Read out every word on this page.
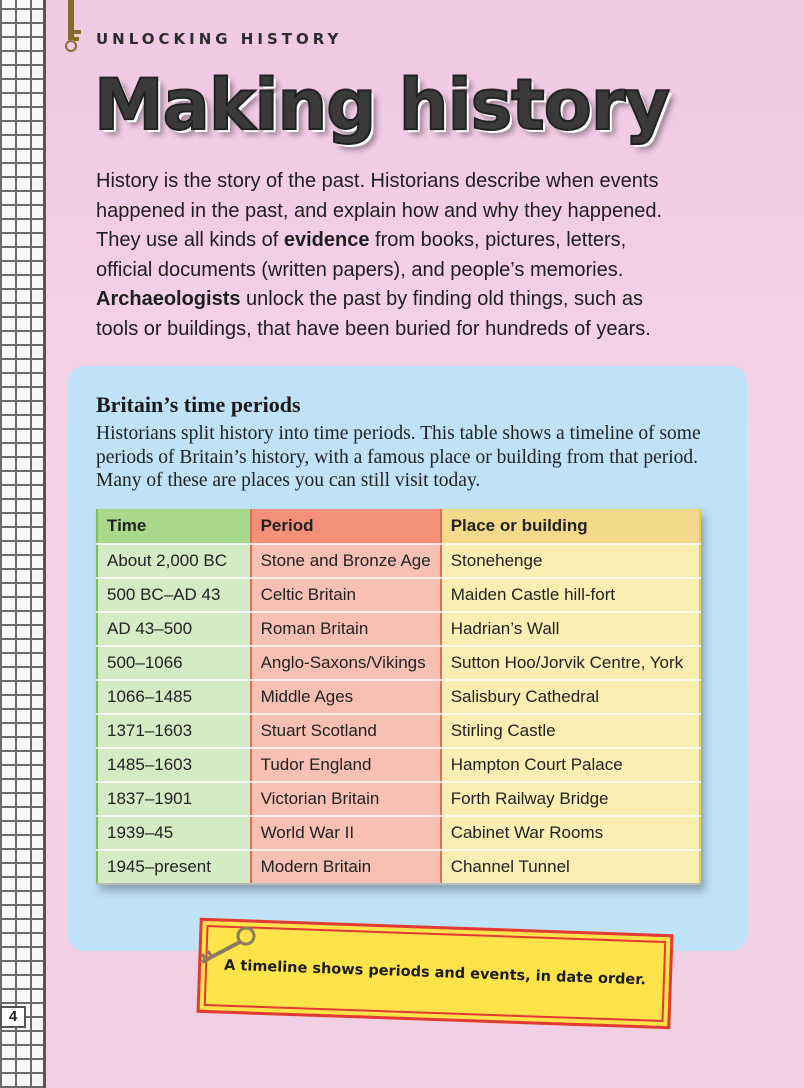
UNLOCKING HISTORY
Making history

History is the story of the past. Historians describe when events happened in the past, and explain how and why they happened. They use all kinds of evidence from books, pictures, letters, official documents (written papers), and people’s memories. Archaeologists unlock the past by finding old things, such as tools or buildings, that have been buried for hundreds of years.

Britain’s time periods

Historians split history into time periods. This table shows a timeline of some periods of Britain’s history, with a famous place or building from that period. Many of these are places you can still visit today.

Time	Period	Place or building
About 2,000 BC	Stone and Bronze Age	Stonehenge
500 BC–AD 43	Celtic Britain	Maiden Castle hill-fort
AD 43–500	Roman Britain	Hadrian’s Wall
500–1066	Anglo-Saxons/Vikings	Sutton Hoo/Jorvik Centre, York
1066–1485	Middle Ages	Salisbury Cathedral
1371–1603	Stuart Scotland	Stirling Castle
1485–1603	Tudor England	Hampton Court Palace
1837–1901	Victorian Britain	Forth Railway Bridge
1939–45	World War II	Cabinet War Rooms
1945–present	Modern Britain	Channel Tunnel
A timeline shows periods and events, in date order.
4
